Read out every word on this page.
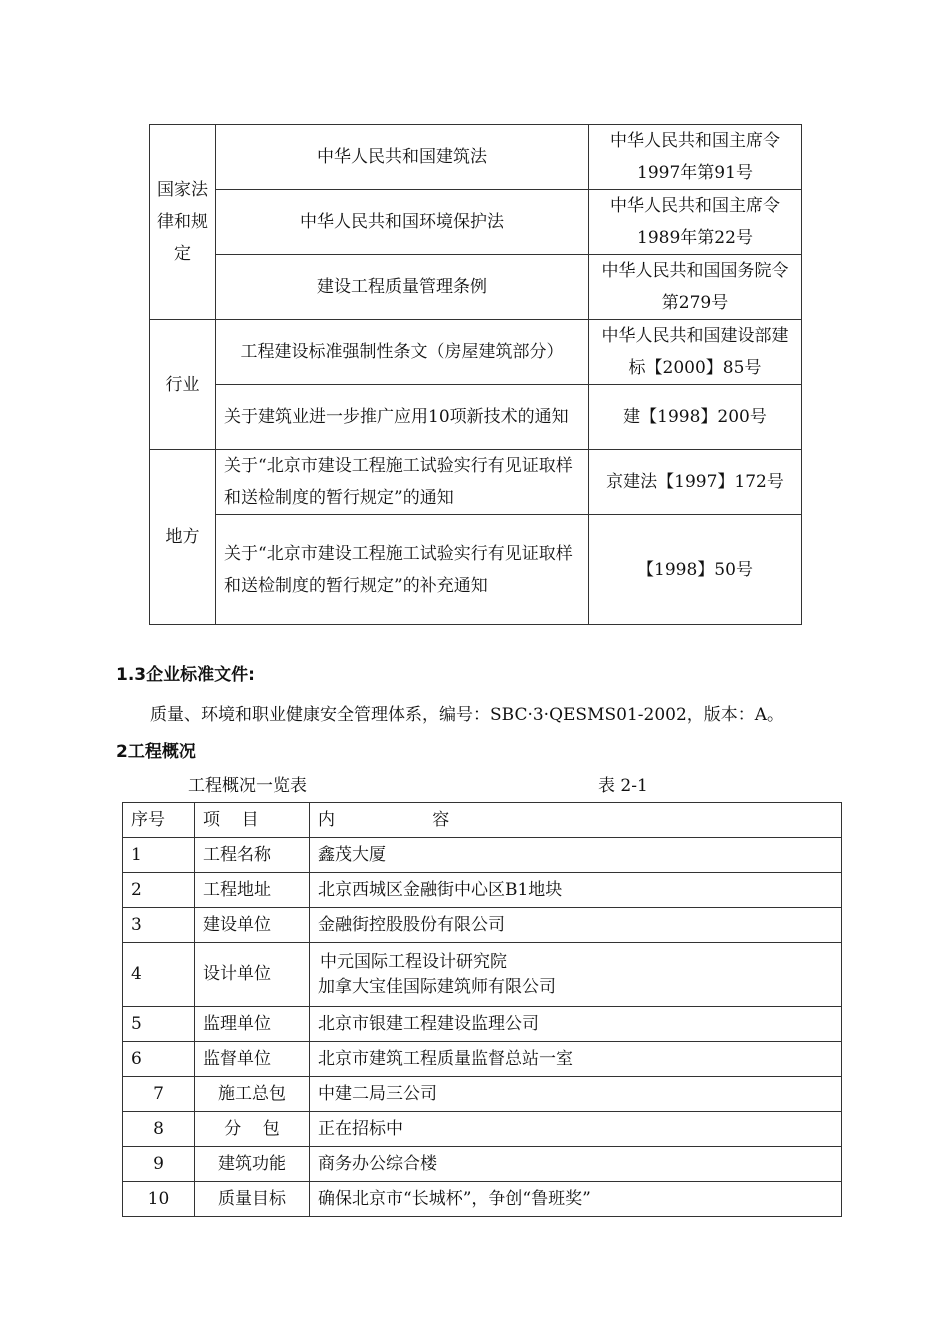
国家法律和规定	中华人民共和国建筑法	中华人民共和国主席令1997年第91号
	中华人民共和国环境保护法	中华人民共和国主席令1989年第22号
	建设工程质量管理条例	中华人民共和国国务院令第279号
行业	工程建设标准强制性条文（房屋建筑部分）	中华人民共和国建设部建标【2000】85号
	关于建筑业进一步推广应用10项新技术的通知	建【1998】200号
地方	关于“北京市建设工程施工试验实行有见证取样和送检制度的暂行规定”的通知	京建法【1997】172号
	关于“北京市建设工程施工试验实行有见证取样和送检制度的暂行规定”的补充通知	【1998】50号
1.3企业标准文件:
质量、环境和职业健康安全管理体系，编号：SBC·3·QESMS01-2002，版本：A。
2工程概况
工程概况一览表	表 2-1
序号	项    目	内                  容
1	工程名称	鑫茂大厦
2	工程地址	北京西城区金融街中心区B1地块
3	建设单位	金融街控股股份有限公司
4	设计单位	中元国际工程设计研究院
加拿大宝佳国际建筑师有限公司

5	监理单位	北京市银建工程建设监理公司
6	监督单位	北京市建筑工程质量监督总站一室
7	施工总包	中建二局三公司
8	分    包	正在招标中
9	建筑功能	商务办公综合楼
10	质量目标	确保北京市“长城杯”，争创“鲁班奖”
